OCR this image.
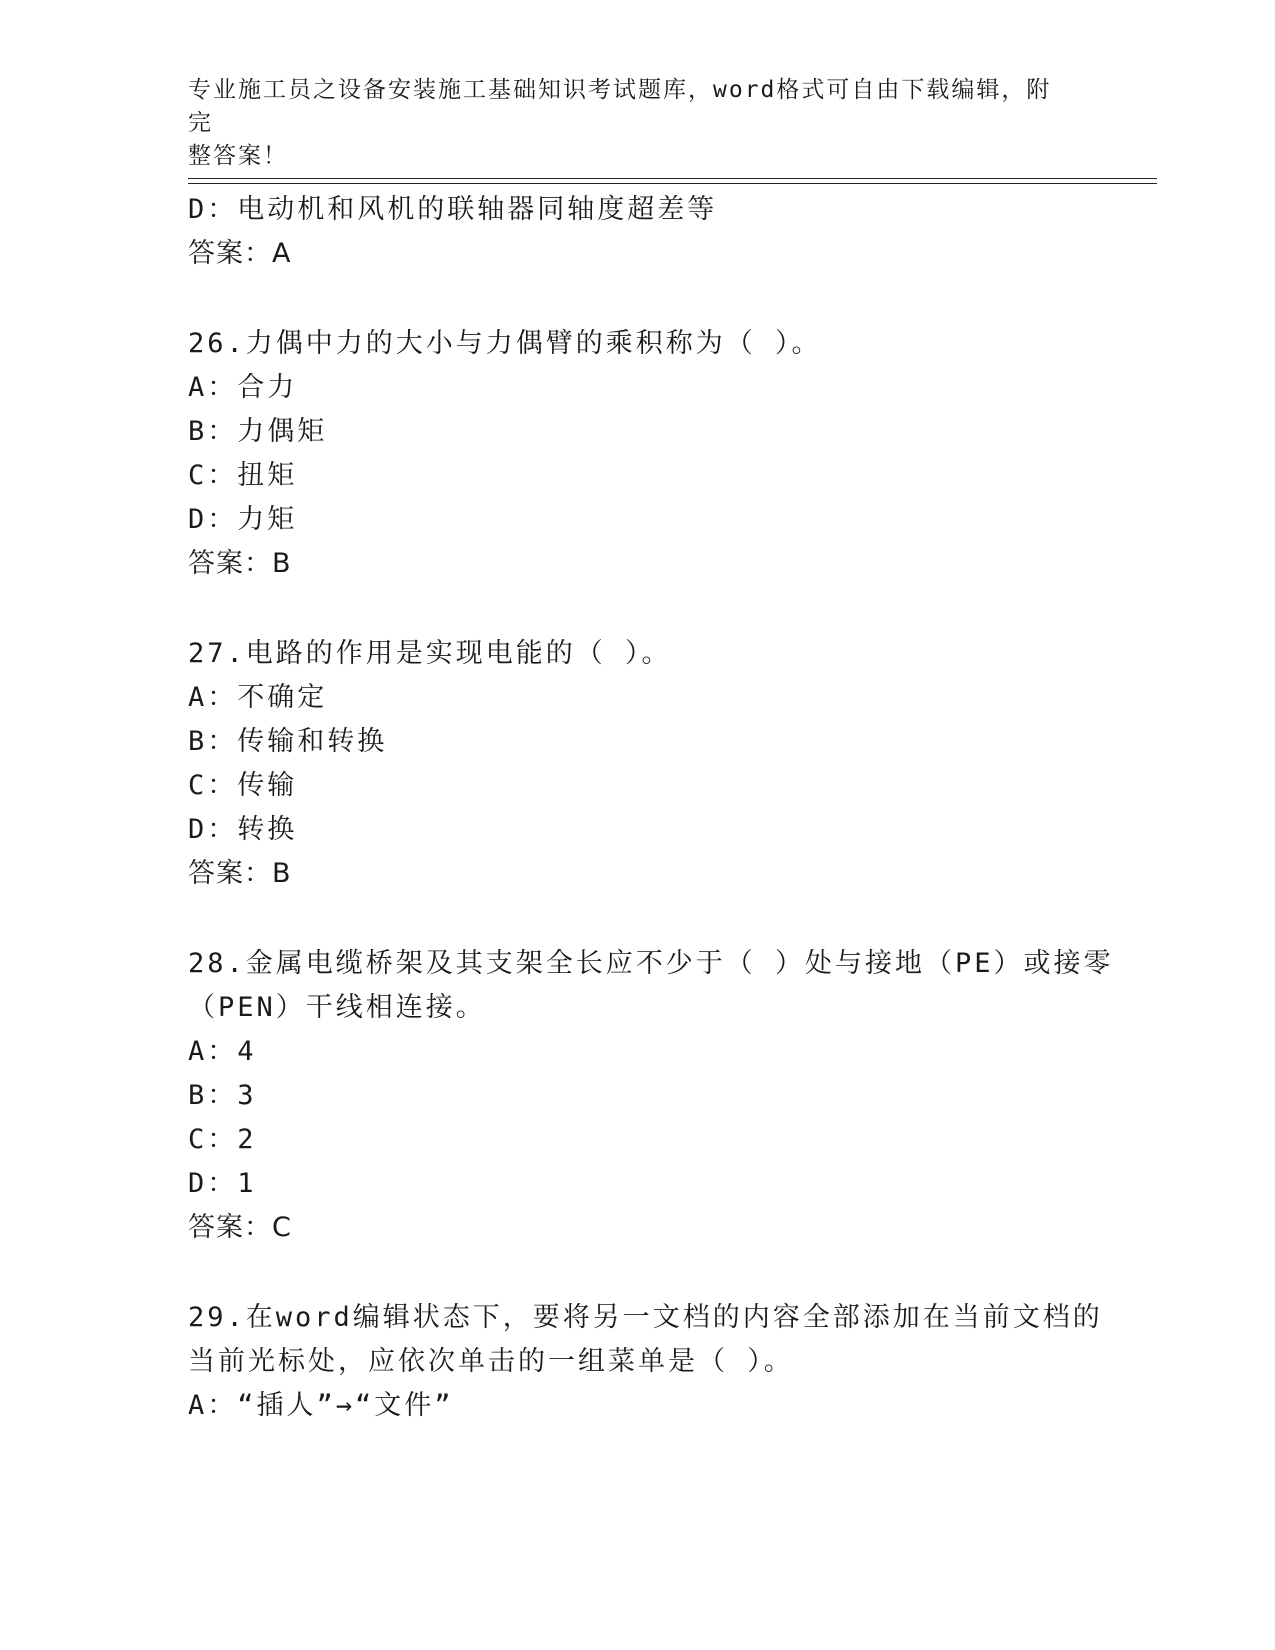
专业施工员之设备安装施工基础知识考试题库，word格式可自由下载编辑，附完
整答案！
D：电动机和风机的联轴器同轴度超差等
答案：A
26.力偶中力的大小与力偶臂的乘积称为（ ）。
A：合力
B：力偶矩
C：扭矩
D：力矩
答案：B
27.电路的作用是实现电能的（ ）。
A：不确定
B：传输和转换
C：传输
D：转换
答案：B
28.金属电缆桥架及其支架全长应不少于（ ）处与接地（PE）或接零
（PEN）干线相连接。
A：4
B：3
C：2
D：1
答案：C
29.在word编辑状态下，要将另一文档的内容全部添加在当前文档的
当前光标处，应依次单击的一组菜单是（ ）。
A：“插人”→“文件”
